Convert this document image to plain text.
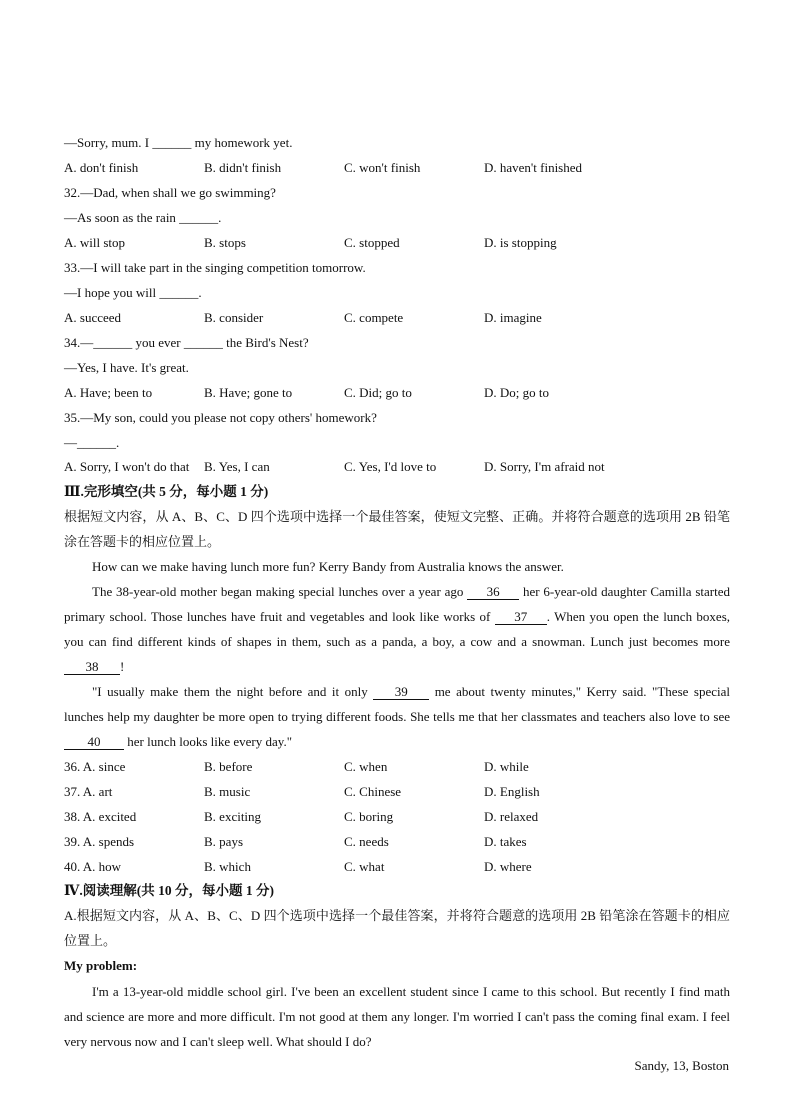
—Sorry, mum. I ______ my homework yet.
A. don't finish	B. didn't finish	C. won't finish	D. haven't finished
32.—Dad, when shall we go swimming?
—As soon as the rain ______.
A. will stop	B. stops	C. stopped	D. is stopping
33.—I will take part in the singing competition tomorrow.
—I hope you will ______.
A. succeed	B. consider	C. compete	D. imagine
34.—______ you ever ______ the Bird's Nest?
—Yes, I have. It's great.
A. Have; been to	B. Have; gone to	C. Did; go to	D. Do; go to
35.—My son, could you please not copy others' homework?
—______.
A. Sorry, I won't do that B. Yes, I can	C. Yes, I'd love to	D. Sorry, I'm afraid not
Ⅲ.完形填空(共 5 分，每小题 1 分)
根据短文内容，从 A、B、C、D 四个选项中选择一个最佳答案，使短文完整、正确。并将符合题意的选项用 2B 铅笔涂在答题卡的相应位置上。
How can we make having lunch more fun? Kerry Bandy from Australia knows the answer.
The 38-year-old mother began making special lunches over a year ago 36 her 6-year-old daughter Camilla started primary school. Those lunches have fruit and vegetables and look like works of 37 . When you open the lunch boxes, you can find different kinds of shapes in them, such as a panda, a boy, a cow and a snowman. Lunch just becomes more 38 !
"I usually make them the night before and it only 39 me about twenty minutes," Kerry said. "These special lunches help my daughter be more open to trying different foods. She tells me that her classmates and teachers also love to see 40 her lunch looks like every day."
36. A. since	B. before	C. when	D. while
37. A. art	B. music	C. Chinese	D. English
38. A. excited	B. exciting	C. boring	D. relaxed
39. A. spends	B. pays	C. needs	D. takes
40. A. how	B. which	C. what	D. where
Ⅳ.阅读理解(共 10 分，每小题 1 分)
A.根据短文内容，从 A、B、C、D 四个选项中选择一个最佳答案，并将符合题意的选项用 2B 铅笔涂在答题卡的相应位置上。
My problem:
I'm a 13-year-old middle school girl. I've been an excellent student since I came to this school. But recently I find math and science are more and more difficult. I'm not good at them any longer. I'm worried I can't pass the coming final exam. I feel very nervous now and I can't sleep well. What should I do?
Sandy, 13, Boston
